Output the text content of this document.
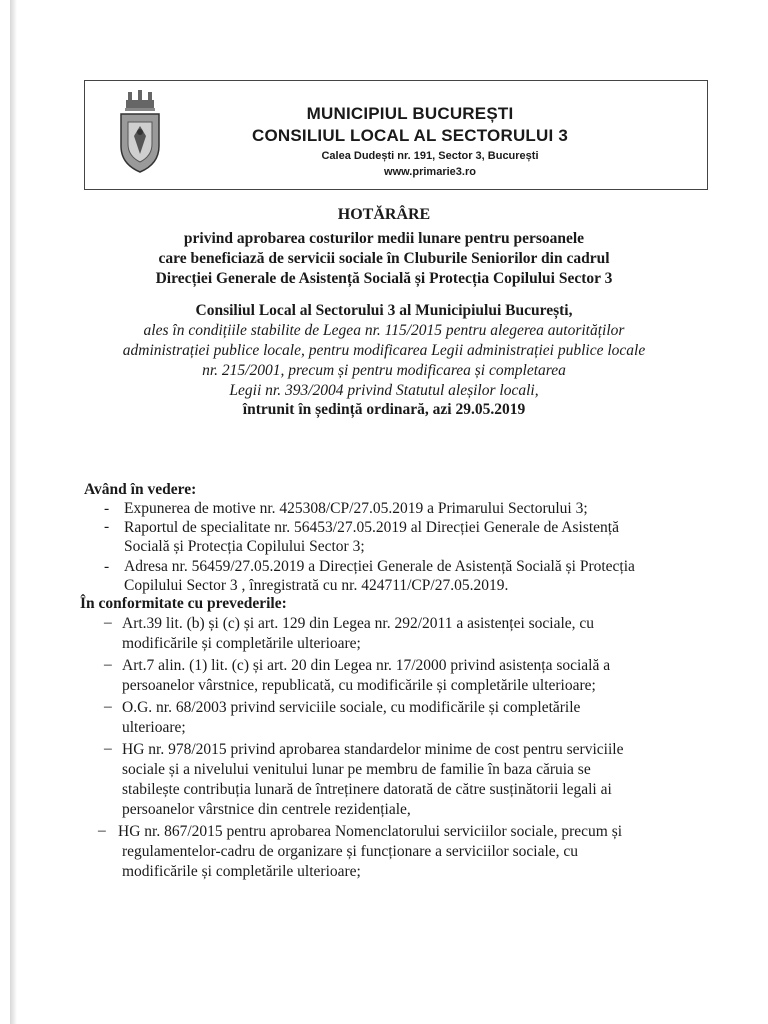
MUNICIPIUL BUCUREȘTI
CONSILIUL LOCAL AL SECTORULUI 3
Calea Dudești nr. 191, Sector 3, București
www.primarie3.ro
HOTĂRÂRE
privind aprobarea costurilor medii lunare pentru persoanele
care beneficiază de servicii sociale în Cluburile Seniorilor din cadrul
Direcției Generale de Asistență Socială și Protecția Copilului Sector 3
Consiliul Local al Sectorului 3 al Municipiului București,
ales în condițiile stabilite de Legea nr. 115/2015 pentru alegerea autorităților
administrației publice locale, pentru modificarea Legii administrației publice locale
nr. 215/2001, precum și pentru modificarea și completarea
Legii nr. 393/2004 privind Statutul aleșilor locali,
întrunit în ședință ordinară, azi 29.05.2019
Având în vedere:
- Expunerea de motive nr. 425308/CP/27.05.2019 a Primarului Sectorului 3;
- Raportul de specialitate nr. 56453/27.05.2019 al Direcției Generale de Asistență
Socială și Protecția Copilului Sector 3;
- Adresa nr. 56459/27.05.2019 a Direcției Generale de Asistență Socială și Protecția
Copilului Sector 3 , înregistrată cu nr. 424711/CP/27.05.2019.
În conformitate cu prevederile:
– Art.39 lit. (b) și (c) și art. 129 din Legea nr. 292/2011 a asistenței sociale, cu
modificările și completările ulterioare;
– Art.7 alin. (1) lit. (c) și art. 20 din Legea nr. 17/2000 privind asistența socială a
persoanelor vârstnice, republicată, cu modificările și completările ulterioare;
– O.G. nr. 68/2003 privind serviciile sociale, cu modificările și completările
ulterioare;
– HG nr. 978/2015 privind aprobarea standardelor minime de cost pentru serviciile
sociale și a nivelului venitului lunar pe membru de familie în baza căruia se
stabilește contribuția lunară de întreținere datorată de către susținătorii legali ai
persoanelor vârstnice din centrele rezidențiale,
– HG nr. 867/2015 pentru aprobarea Nomenclatorului serviciilor sociale, precum și
regulamentelor-cadru de organizare și funcționare a serviciilor sociale, cu
modificările și completările ulterioare;
